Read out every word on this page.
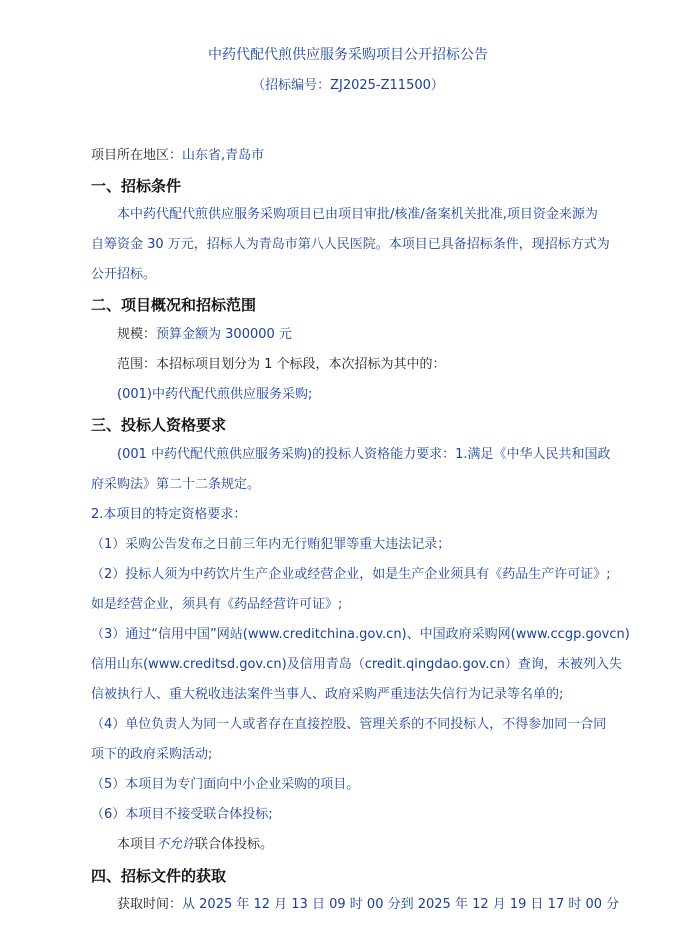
中药代配代煎供应服务采购项目公开招标公告
（招标编号：ZJ2025-Z11500）
项目所在地区：山东省,青岛市
一、招标条件
本中药代配代煎供应服务采购项目已由项目审批/核准/备案机关批准,项目资金来源为
自筹资金 30 万元，招标人为青岛市第八人民医院。本项目已具备招标条件，现招标方式为
公开招标。
二、项目概况和招标范围
规模：预算金额为 300000 元
范围：本招标项目划分为 1 个标段，本次招标为其中的：
(001)中药代配代煎供应服务采购;
三、投标人资格要求
(001 中药代配代煎供应服务采购)的投标人资格能力要求：1.满足《中华人民共和国政
府采购法》第二十二条规定。
2.本项目的特定资格要求：
（1）采购公告发布之日前三年内无行贿犯罪等重大违法记录；
（2）投标人须为中药饮片生产企业或经营企业，如是生产企业须具有《药品生产许可证》;
如是经营企业，须具有《药品经营许可证》;
（3）通过“信用中国”网站(www.creditchina.gov.cn)、中国政府采购网(www.ccgp.govcn)
信用山东(www.creditsd.gov.cn)及信用青岛（credit.qingdao.gov.cn）查询，未被列入失
信被执行人、重大税收违法案件当事人、政府采购严重违法失信行为记录等名单的;
（4）单位负责人为同一人或者存在直接控股、管理关系的不同投标人，不得参加同一合同
项下的政府采购活动;
（5）本项目为专门面向中小企业采购的项目。
（6）本项目不接受联合体投标;
本项目不允许联合体投标。
四、招标文件的获取
获取时间：从 2025 年 12 月 13 日 09 时 00 分到 2025 年 12 月 19 日 17 时 00 分
